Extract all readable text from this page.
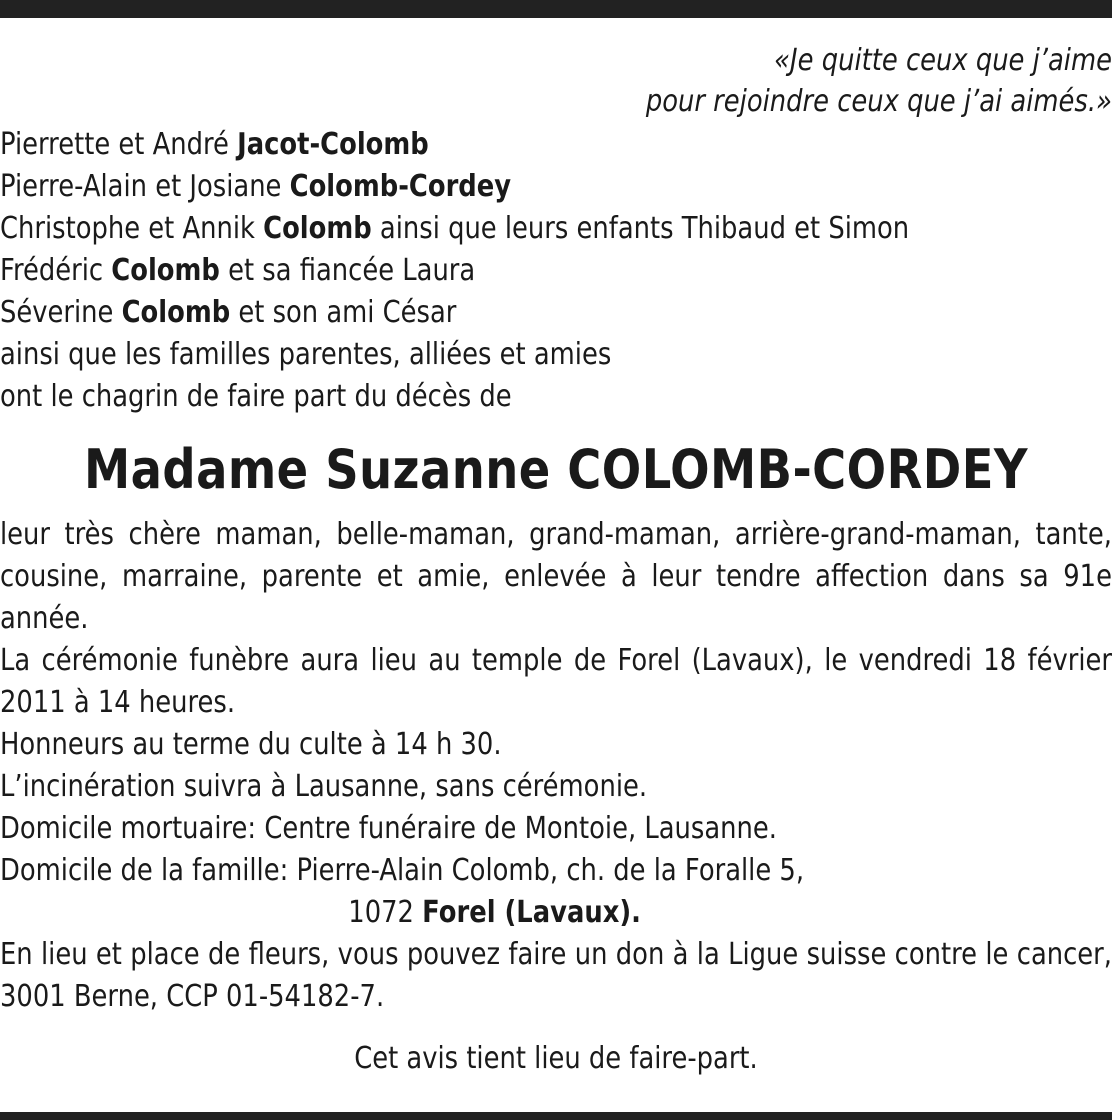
«Je quitte ceux que j’aime
pour rejoindre ceux que j’ai aimés.»
Pierrette et André Jacot-Colomb
Pierre-Alain et Josiane Colomb-Cordey
Christophe et Annik Colomb ainsi que leurs enfants Thibaud et Simon
Frédéric Colomb et sa fiancée Laura
Séverine Colomb et son ami César
ainsi que les familles parentes, alliées et amies
ont le chagrin de faire part du décès de
Madame Suzanne COLOMB-CORDEY
leur très chère maman, belle-maman, grand-maman, arrière-grand-maman, tante, cousine, marraine, parente et amie, enlevée à leur tendre affection dans sa 91e année.
La cérémonie funèbre aura lieu au temple de Forel (Lavaux), le vendredi 18 février 2011 à 14 heures.
Honneurs au terme du culte à 14 h 30.
L’incinération suivra à Lausanne, sans cérémonie.
Domicile mortuaire: Centre funéraire de Montoie, Lausanne.
Domicile de la famille: Pierre-Alain Colomb, ch. de la Foralle 5,
1072 Forel (Lavaux).
En lieu et place de fleurs, vous pouvez faire un don à la Ligue suisse contre le cancer, 3001 Berne, CCP 01-54182-7.
Cet avis tient lieu de faire-part.
